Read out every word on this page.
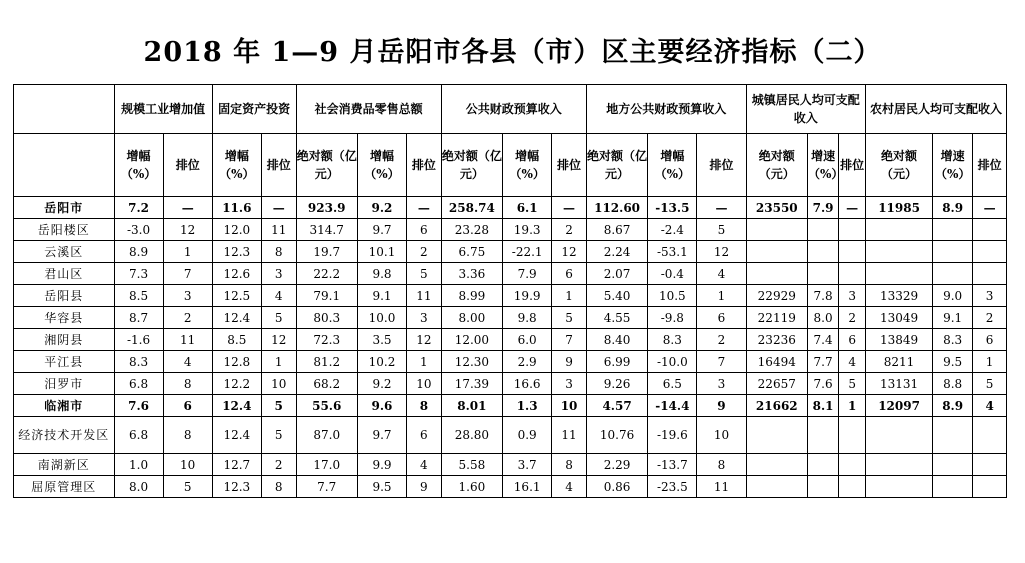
2018 年 1—9 月岳阳市各县（市）区主要经济指标（二）
	规模工业增加值		固定资产投资		社会消费品零售总额			公共财政预算收入			地方公共财政预算收入			城镇居民人均可支配收入			农村居民人均可支配收入		
	增幅（%）	排位	增幅（%）	排位	绝对额（亿元）	增幅（%）	排位	绝对额（亿元）	增幅（%）	排位	绝对额（亿元）	增幅（%）	排位	绝对额（元）	增速（%）	排位	绝对额（元）	增速（%）	排位
岳阳市	7.2	—	11.6	—	923.9	9.2	—	258.74	6.1	—	112.60	-13.5	—	23550	7.9	—	11985	8.9	—
岳阳楼区	-3.0	12	12.0	11	314.7	9.7	6	23.28	19.3	2	8.67	-2.4	5						
云溪区	8.9	1	12.3	8	19.7	10.1	2	6.75	-22.1	12	2.24	-53.1	12						
君山区	7.3	7	12.6	3	22.2	9.8	5	3.36	7.9	6	2.07	-0.4	4						
岳阳县	8.5	3	12.5	4	79.1	9.1	11	8.99	19.9	1	5.40	10.5	1	22929	7.8	3	13329	9.0	3
华容县	8.7	2	12.4	5	80.3	10.0	3	8.00	9.8	5	4.55	-9.8	6	22119	8.0	2	13049	9.1	2
湘阴县	-1.6	11	8.5	12	72.3	3.5	12	12.00	6.0	7	8.40	8.3	2	23236	7.4	6	13849	8.3	6
平江县	8.3	4	12.8	1	81.2	10.2	1	12.30	2.9	9	6.99	-10.0	7	16494	7.7	4	8211	9.5	1
汨罗市	6.8	8	12.2	10	68.2	9.2	10	17.39	16.6	3	9.26	6.5	3	22657	7.6	5	13131	8.8	5
临湘市	7.6	6	12.4	5	55.6	9.6	8	8.01	1.3	10	4.57	-14.4	9	21662	8.1	1	12097	8.9	4
经济技术开发区	6.8	8	12.4	5	87.0	9.7	6	28.80	0.9	11	10.76	-19.6	10						
南湖新区	1.0	10	12.7	2	17.0	9.9	4	5.58	3.7	8	2.29	-13.7	8						
屈原管理区	8.0	5	12.3	8	7.7	9.5	9	1.60	16.1	4	0.86	-23.5	11						
